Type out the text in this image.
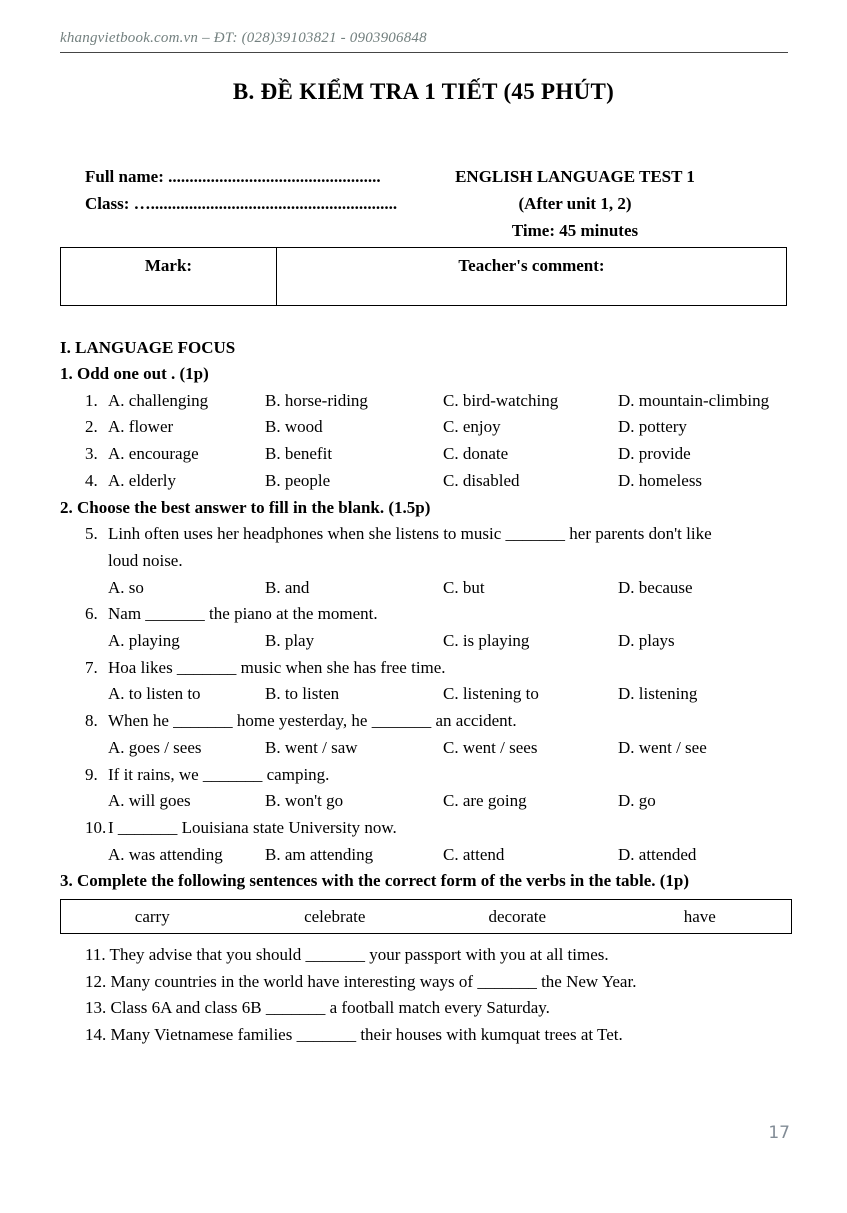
khangvietbook.com.vn – ĐT: (028)39103821 - 0903906848
B. ĐỀ KIỂM TRA 1 TIẾT (45 PHÚT)
Full name: ..................................................
Class: …..........................................................
ENGLISH LANGUAGE TEST 1
(After unit 1, 2)
Time: 45 minutes
Mark:	Teacher's comment:
I. LANGUAGE FOCUS
1. Odd one out . (1p)
1. A. challenging	B. horse-riding	C. bird-watching	D. mountain-climbing
2. A. flower	B. wood	C. enjoy	D. pottery
3. A. encourage	B. benefit	C. donate	D. provide
4. A. elderly	B. people	C. disabled	D. homeless
2. Choose the best answer to fill in the blank. (1.5p)
5. Linh often uses her headphones when she listens to music _______ her parents don't like
loud noise.
A. so	B. and	C. but	D. because
6. Nam _______ the piano at the moment.
A. playing	B. play	C. is playing	D. plays
7. Hoa likes _______ music when she has free time.
A. to listen to	B. to listen	C. listening to	D. listening
8. When he _______ home yesterday, he _______ an accident.
A. goes / sees	B. went / saw	C. went / sees	D. went / see
9. If it rains, we _______ camping.
A. will goes	B. won't go	C. are going	D. go
10. I _______ Louisiana state University now.
A. was attending	B. am attending	C. attend	D. attended
3. Complete the following sentences with the correct form of the verbs in the table. (1p)
carry	celebrate	decorate	have
11. They advise that you should _______ your passport with you at all times.
12. Many countries in the world have interesting ways of _______ the New Year.
13. Class 6A and class 6B _______ a football match every Saturday.
14. Many Vietnamese families _______ their houses with kumquat trees at Tet.
17
